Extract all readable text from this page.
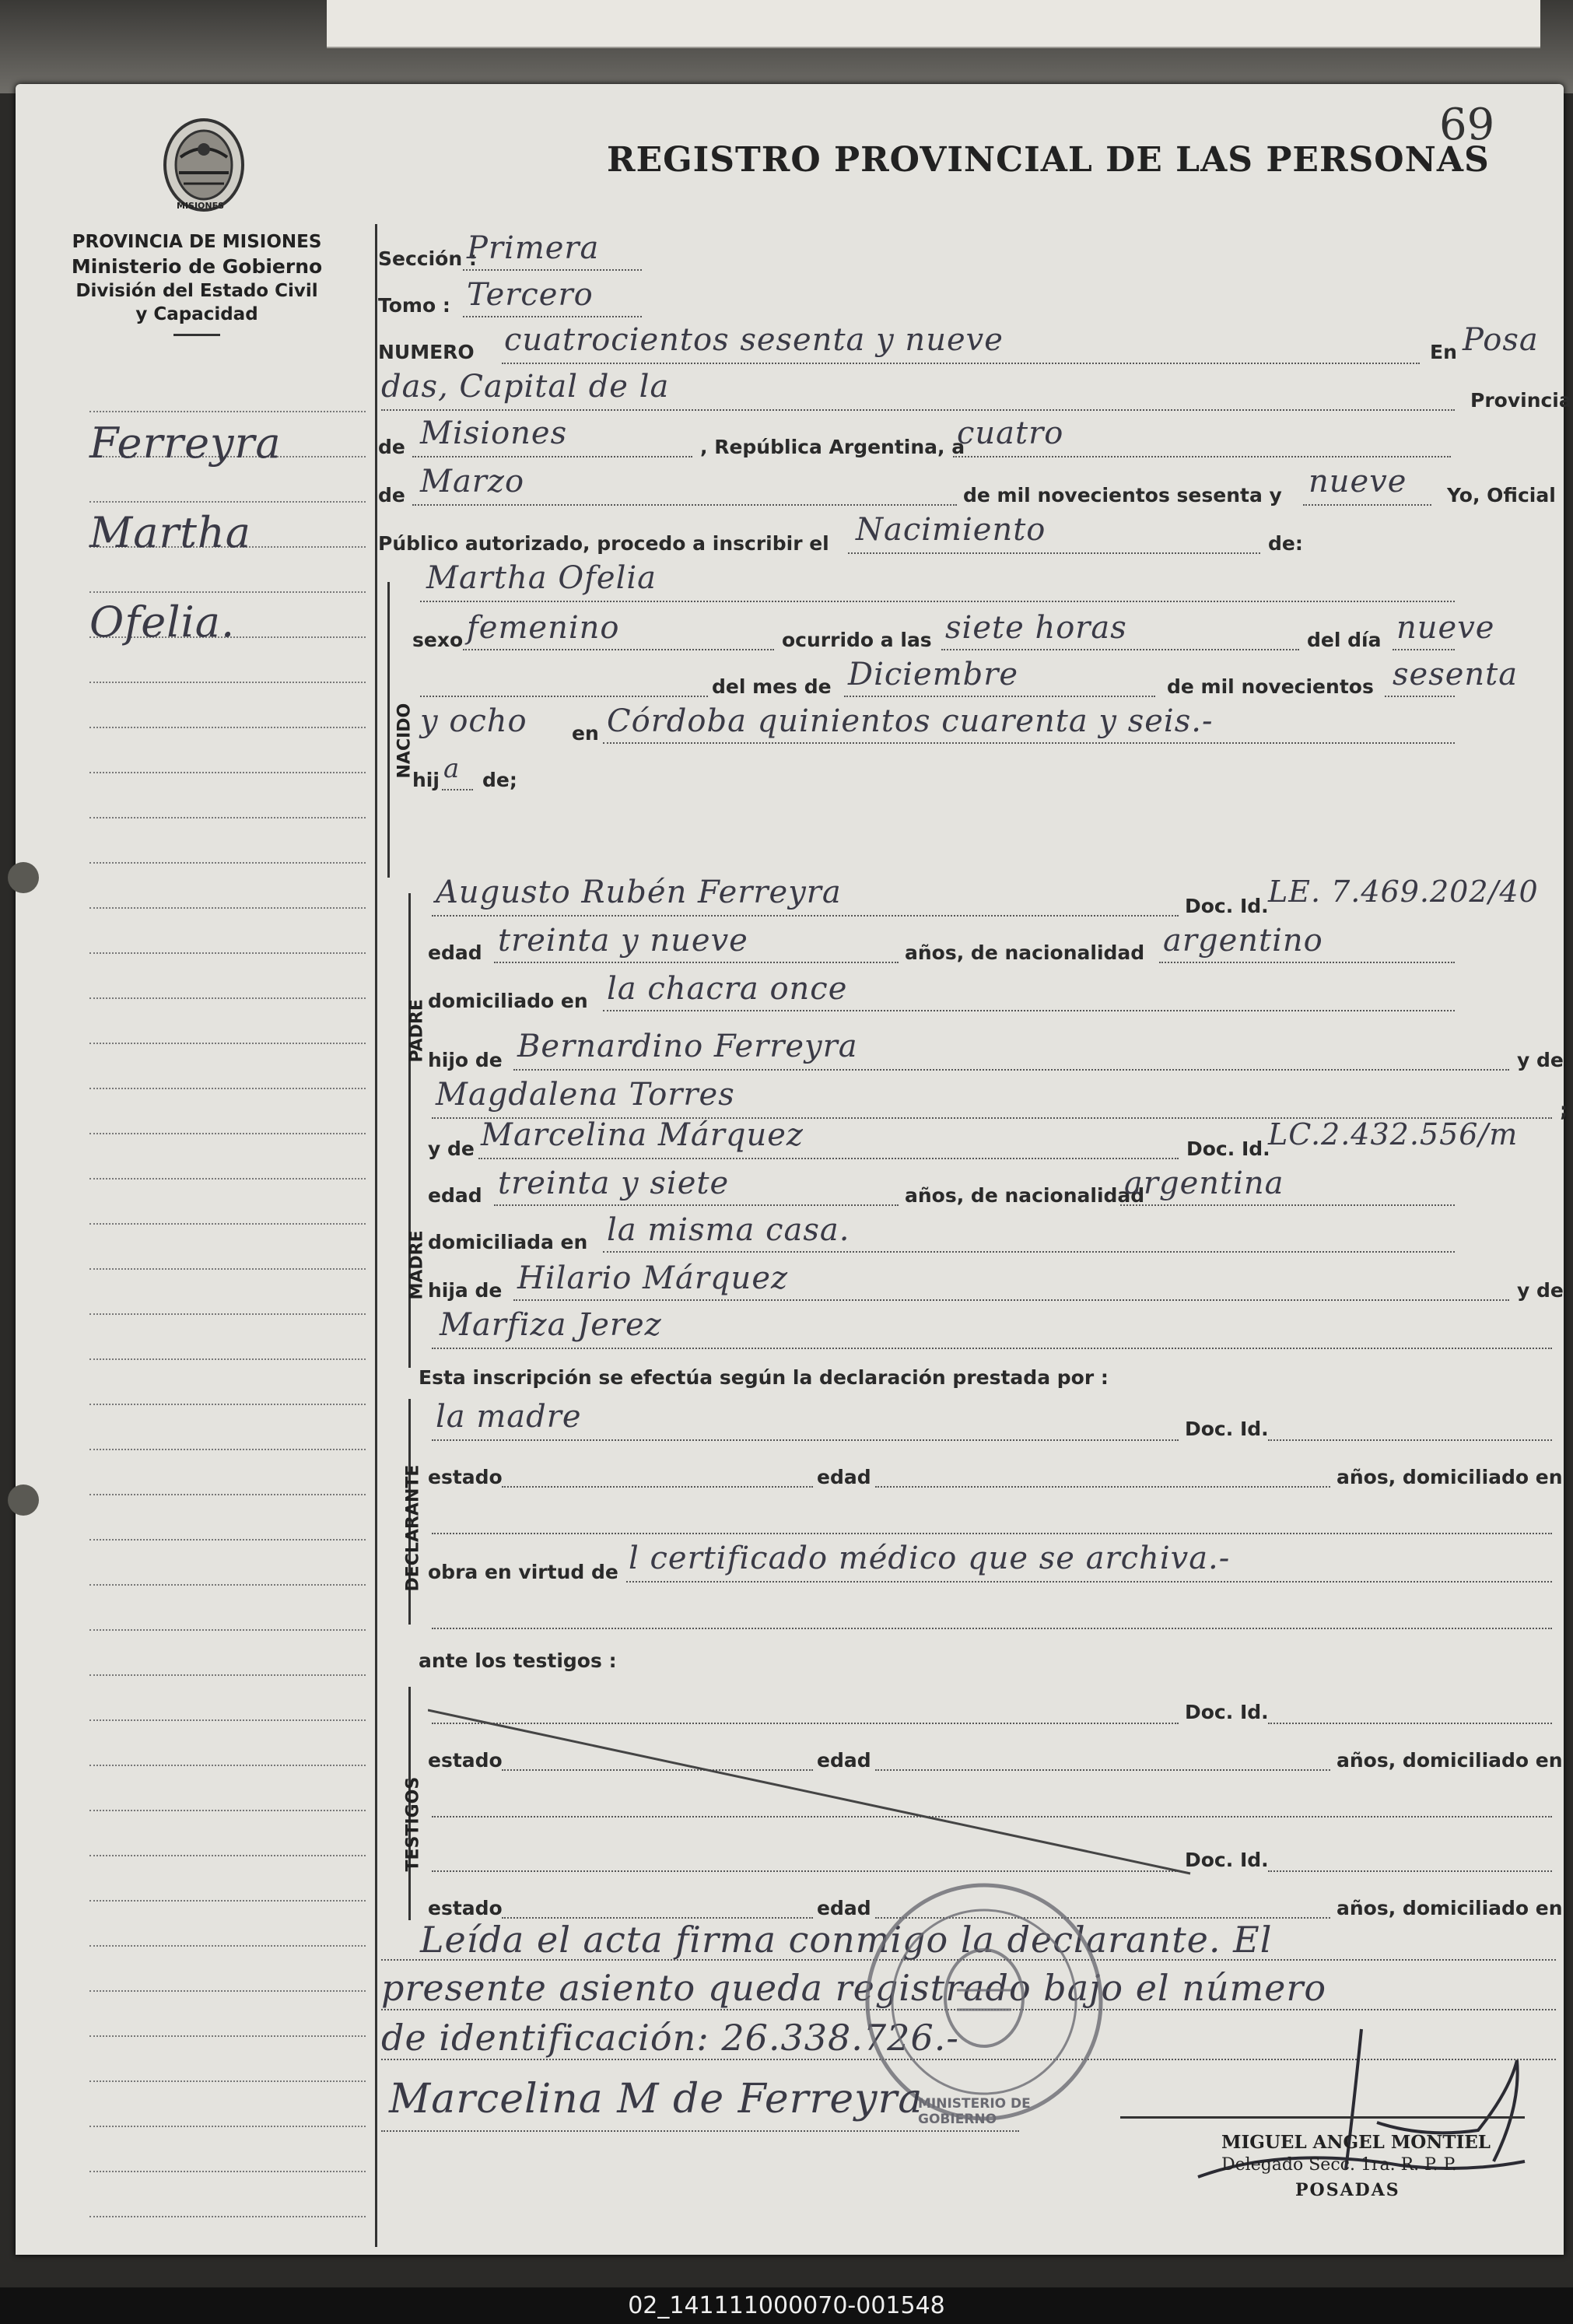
69
REGISTRO PROVINCIAL DE LAS PERSONAS
MISIONES
PROVINCIA DE MISIONES
Ministerio de Gobierno
División del Estado Civil
y Capacidad
Ferreyra
Martha
Ofelia.
Sección :
Primera
Tomo : Tercero
NUMERO cuatrocientos sesenta y nueve	En Posa
das, Capital de la	Provincia
de Misiones	, República Argentina, a
cuatro
de Marzo	de mil novecientos sesenta y nueve Yo, Oficial
Público autorizado, procedo a inscribir el Nacimiento	de:
NACIDO
Martha Ofelia
sexo femenino	ocurrido a las siete horas	del día nueve
del mes de Diciembre	de mil novecientos sesenta
y ocho en Córdoba quinientos cuarenta y seis.-
hij a de;
PADRE
Augusto Rubén Ferreyra	Doc. Id. LE. 7.469.202/40
edad treinta y nueve	años, de nacionalidad argentino
domiciliado en la chacra once
hijo de Bernardino Ferreyra	y de
Magdalena Torres	;
MADRE
y de Marcelina Márquez	Doc. Id.
LC.2.432.556/m
edad treinta y siete	años, de nacionalidad
argentina
domiciliada en la misma casa.
hija de Hilario Márquez	y de
Marfiza Jerez
Esta inscripción se efectúa según la declaración prestada por :
DECLARANTE
la madre	Doc. Id.
estado	edad	años, domiciliado en
obra en virtud de l certificado médico que se archiva.-
ante los testigos :
TESTIGOS
Doc. Id.
estado	edad	años, domiciliado en
Doc. Id.
estado	edad	años, domiciliado en
Leída el acta firma conmigo la declarante. El
presente asiento queda registrado bajo el número
de identificación: 26.338.726.-
MINISTERIO DE GOBIERNO
Marcelina M de Ferreyra
MIGUEL ANGEL MONTIEL
Delegado Secc. 1ra. R. P. P.
POSADAS
02_141111000070-001548
